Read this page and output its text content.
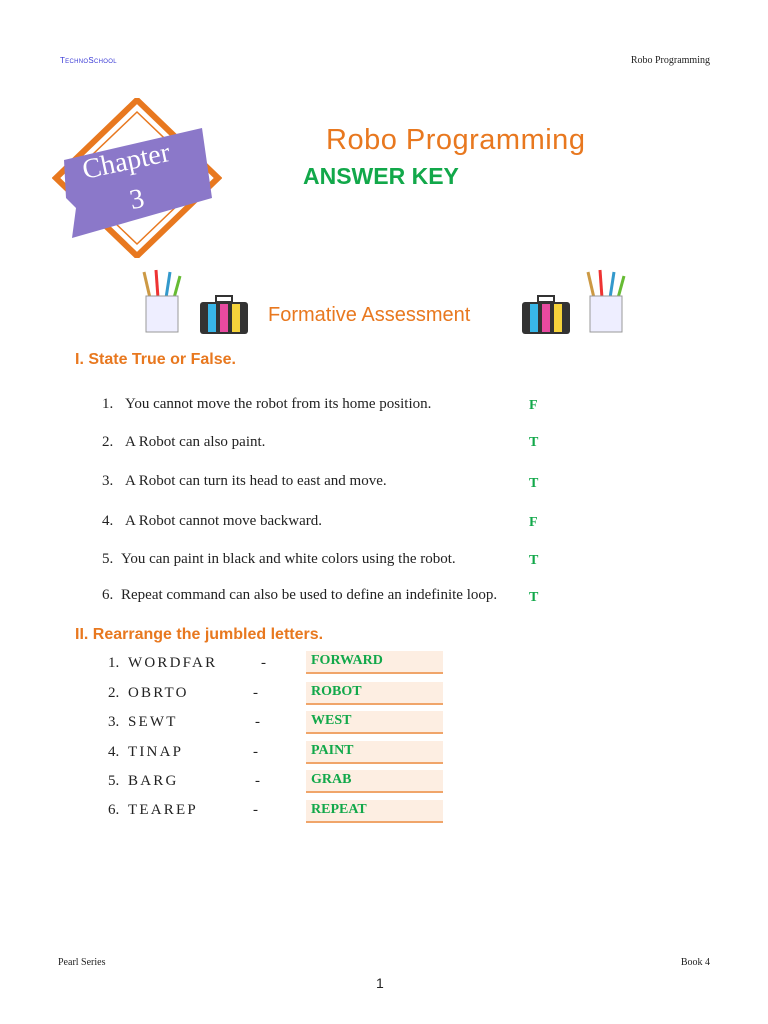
TechnoSchool	Robo Programming
Chapter
3
Robo Programming
ANSWER KEY
Formative Assessment
I. State True or False.
1. You cannot move the robot from its home position.	F
2. A Robot can also paint.	T
3. A Robot can turn its head to east and move.	T
4. A Robot cannot move backward.	F
5. You can paint in black and white colors using the robot.	T
6. Repeat command can also be used to define an indefinite loop. T
II. Rearrange the jumbled letters.
1. WORDFAR	-	FORWARD
2. OBRTO	-	ROBOT
3. SEWT	-	WEST
4. TINAP	-	PAINT
5. BARG	-	GRAB
6. TEAREP	-	REPEAT
Pearl Series	Book 4
1
